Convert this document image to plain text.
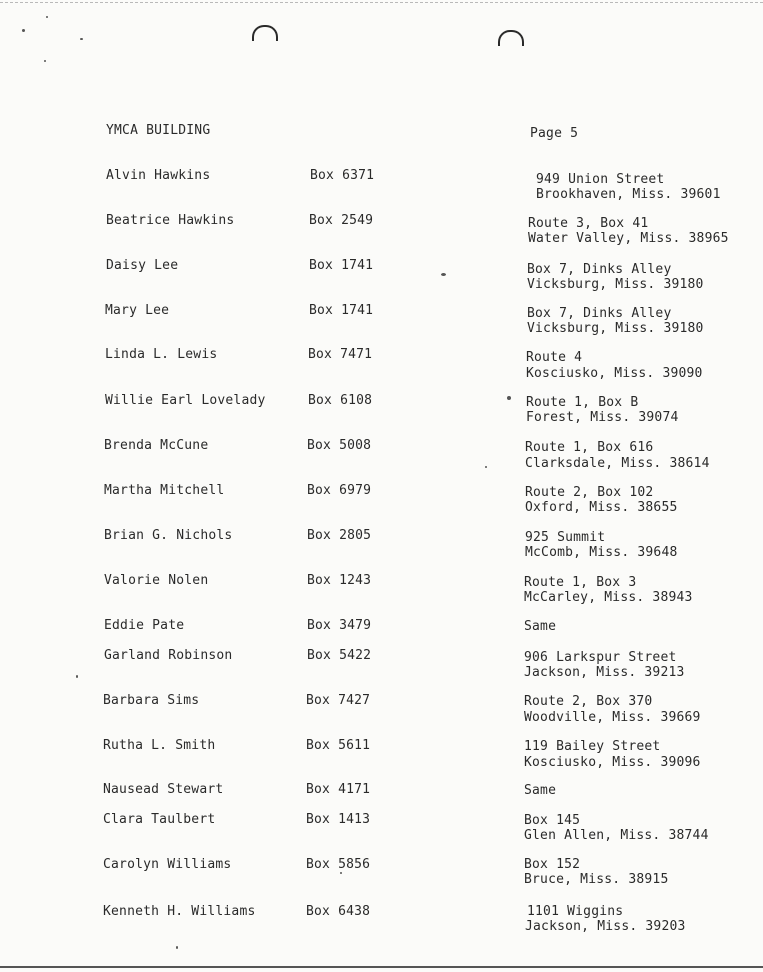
YMCA BUILDING	Page 5
Alvin Hawkins	Box 6371	949 Union Street
Brookhaven, Miss. 39601
Beatrice Hawkins	Box 2549	Route 3, Box 41
Water Valley, Miss. 38965
Daisy Lee	Box 1741	Box 7, Dinks Alley
Vicksburg, Miss. 39180
Mary Lee	Box 1741	Box 7, Dinks Alley
Vicksburg, Miss. 39180
Linda L. Lewis	Box 7471	Route 4
Kosciusko, Miss. 39090
Willie Earl Lovelady	Box 6108	Route 1, Box B
Forest, Miss. 39074
Brenda McCune	Box 5008	Route 1, Box 616
Clarksdale, Miss. 38614
Martha Mitchell	Box 6979	Route 2, Box 102
Oxford, Miss. 38655
Brian G. Nichols	Box 2805	925 Summit
McComb, Miss. 39648
Valorie Nolen	Box 1243	Route 1, Box 3
McCarley, Miss. 38943
Eddie Pate	Box 3479	Same
Garland Robinson	Box 5422	906 Larkspur Street
Jackson, Miss. 39213
Barbara Sims	Box 7427	Route 2, Box 370
Woodville, Miss. 39669
Rutha L. Smith	Box 5611	119 Bailey Street
Kosciusko, Miss. 39096
Nausead Stewart	Box 4171	Same
Clara Taulbert	Box 1413	Box 145
Glen Allen, Miss. 38744
Carolyn Williams	Box 5856	Box 152
Bruce, Miss. 38915
Kenneth H. Williams	Box 6438	1101 Wiggins
Jackson, Miss. 39203
